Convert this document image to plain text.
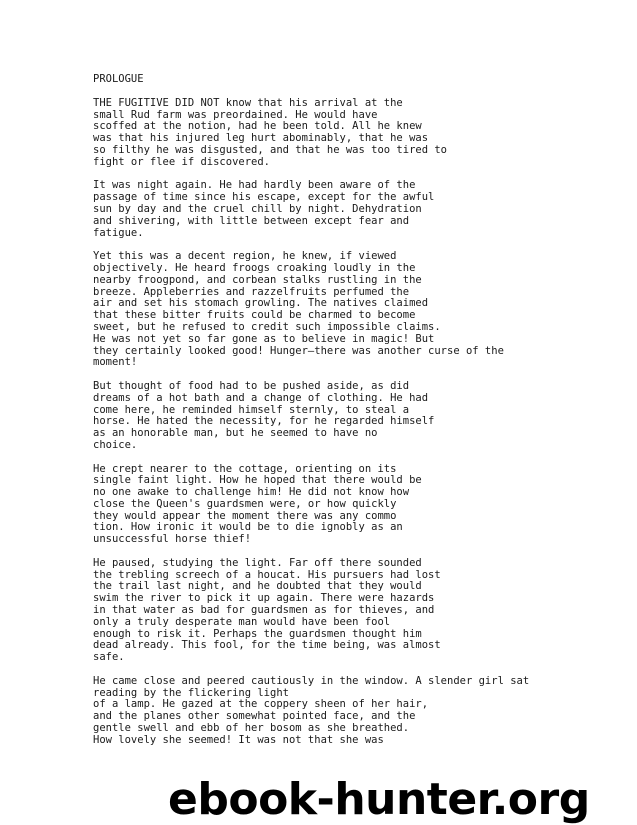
PROLOGUE
THE FUGITIVE DID NOT know that his arrival at the
small Rud farm was preordained. He would have
scoffed at the notion, had he been told. All he knew
was that his injured leg hurt abominably, that he was
so filthy he was disgusted, and that he was too tired to
fight or flee if discovered.
It was night again. He had hardly been aware of the
passage of time since his escape, except for the awful
sun by day and the cruel chill by night. Dehydration
and shivering, with little between except fear and
fatigue.
Yet this was a decent region, he knew, if viewed
objectively. He heard froogs croaking loudly in the
nearby froogpond, and corbean stalks rustling in the
breeze. Appleberries and razzelfruits perfumed the
air and set his stomach growling. The natives claimed
that these bitter fruits could be charmed to become
sweet, but he refused to credit such impossible claims.
He was not yet so far gone as to believe in magic! But
they certainly looked good! Hunger—there was another curse of the
moment!
But thought of food had to be pushed aside, as did
dreams of a hot bath and a change of clothing. He had
come here, he reminded himself sternly, to steal a
horse. He hated the necessity, for he regarded himself
as an honorable man, but he seemed to have no
choice.
He crept nearer to the cottage, orienting on its
single faint light. How he hoped that there would be
no one awake to challenge him! He did not know how
close the Queen's guardsmen were, or how quickly
they would appear the moment there was any commo
tion. How ironic it would be to die ignobly as an
unsuccessful horse thief!
He paused, studying the light. Far off there sounded
the trebling screech of a houcat. His pursuers had lost
the trail last night, and he doubted that they would
swim the river to pick it up again. There were hazards
in that water as bad for guardsmen as for thieves, and
only a truly desperate man would have been fool
enough to risk it. Perhaps the guardsmen thought him
dead already. This fool, for the time being, was almost
safe.
He came close and peered cautiously in the window. A slender girl sat
reading by the flickering light
of a lamp. He gazed at the coppery sheen of her hair,
and the planes other somewhat pointed face, and the
gentle swell and ebb of her bosom as she breathed.
How lovely she seemed! It was not that she was
ebook-hunter.org
